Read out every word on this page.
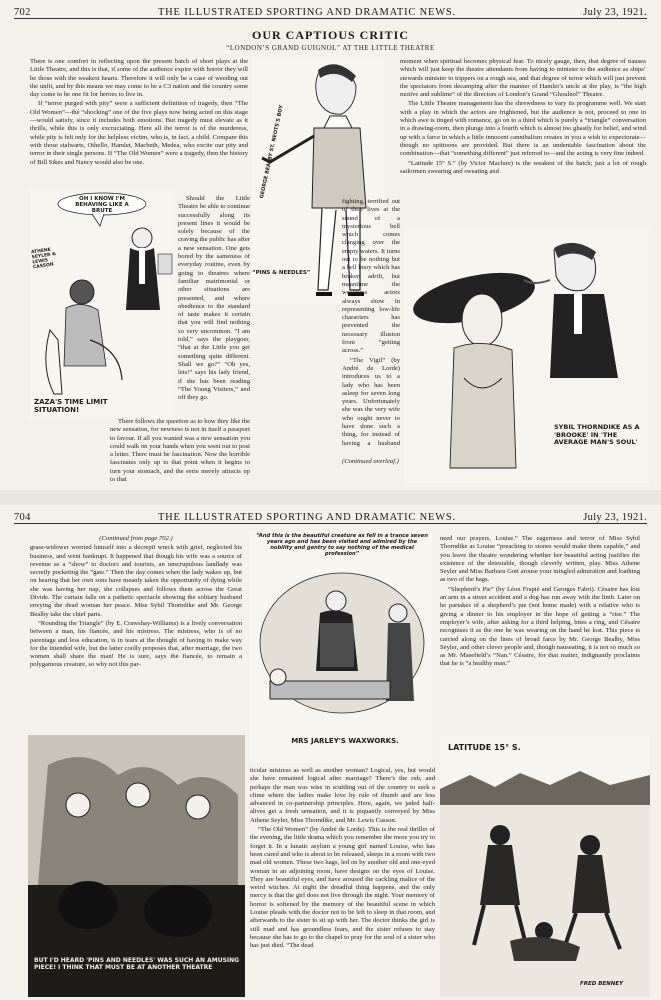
702	THE ILLUSTRATED SPORTING AND DRAMATIC NEWS.	July 23, 1921.
OUR CAPTIOUS CRITIC
“LONDON’S GRAND GUIGNOL” AT THE LITTLE THEATRE

There is one comfort in reflecting upon the present batch of short plays at the Little Theatre, and this is that, if some of the audience expire with horror they will be those with the weakest hearts. Therefore it will only be a case of weeding out the unfit, and by this means we may come to be a C3 nation and the country some day come to be one fit for heroes to live in.

If “terror purged with pity” were a sufficient definition of tragedy, then “The Old Women”—the “shocking” one of the five plays now being acted on this stage—would satisfy, since it includes both emotions. But tragedy must elevate as it thrills, while this is only excruciating. Here all the terror is of the murderess, while pity is felt only for the helpless victim, who is, in fact, a child. Compare this with those stalwarts, Othello, Hamlet, Macbeth, Medea, who excite our pity and terror in their single persons. If “The Old Women” were a tragedy, then the history of Bill Sikes and Nancy would also be one.

OH I KNOW I'M BEHAVING LIKE A BRUTE
ATHENE SEYLER & LEWIS CASSON
ZAZA'S TIME LIMIT SITUATION!

Should the Little Theatre be able to continue successfully along its present lines it would be solely because of the craving the public has after a new sensation. One gets bored by the sameness of everyday routine, even by going to theatres where familiar matrimonial or other situations are presented, and where obedience to the standard of taste makes it certain that you will find nothing so very uncommon. “I am told,” says the playgoer, “that at the Little you get something quite different. Shall we go?” “Oh yes, lets!” says his lady friend, if she has been reading “The Young Visiters,” and off they go.

There follows the question as to how they like the new sensation, for newness is not in itself a passport to favour. If all you wanted was a new sensation you could walk on your hands when you went out to post a letter. There must be fascination. Now the horrible fascinates only up to that point when it begins to turn your stomach, and the eerie merely attracts up to that

GEORGE BEALBY ST. NEOTS'S BOY
“PINS & NEEDLES”

fighting, terrified out of their lives at the sound of a mysterious bell which comes clanging over the empty waters. It turns out to be nothing but a bell buoy which has broken adrift, but meantime the weakness actors always show in representing low-life characters has prevented the necessary illusion from “getting across.”

“The Vigil” (by André de Lorde) introduces us to a lady who has been asleep for seven long years. Unfortunately she was the very wife who ought never to have done such a thing, for instead of having a husband

(Continued overleaf.)

moment when spiritual becomes physical fear. To nicely gauge, then, that degree of nausea which will just keep the theatre attendants from having to minister to the audience as ships’ stewards minister to trippers on a rough sea, and that degree of terror which will just prevent the spectators from decamping after the manner of Hamlet’s uncle at the play, is “the high motive and sublime” of the directors of London’s Grand “Ghoulnol” Theatre.

The Little Theatre management has the shrewdness to vary its programme well. We start with a play in which the actors are frightened, but the audience is not, proceed to one in which awe is tinged with romance, go on to a third which is purely a “triangle” conversation in a drawing-room, then plunge into a fourth which is almost too ghastly for belief, and wind up with a farce in which a little innocent cannibalism creates in you a wish to expectorate—though no spittoons are provided. But there is an undeniable fascination about the combination—that “something different” just referred to—and the acting is very fine indeed.

“Latitude 15° S.” (by Victor Maclure) is the weakest of the batch; just a lot of rough sailormen swearing and sweating and

SYBIL THORNDIKE AS A 'BROOKE' IN 'THE AVERAGE MAN'S SOUL'
704	THE ILLUSTRATED SPORTING AND DRAMATIC NEWS.	July 23, 1921.

(Continued from page 702.)

grass-widower worried himself into a decrepit wreck with grief, neglected his business, and went bankrupt. It happened that though his wife was a source of revenue as a “show” to doctors and tourists, an unscrupulous landlady was secretly pocketing the “gate.” Then the day comes when the lady wakes up, but on hearing that her own sons have meanly taken the opportunity of dying while she was having her nap, she collapses and follows them across the Great Divide. The curtain falls on a pathetic spectacle showing the solitary husband envying the dead woman her peace. Miss Sybil Thorndike and Mr. George Bealby take the chief parts.

“Rounding the Triangle” (by E. Crawshay-Williams) is a lively conversation between a man, his fiancée, and his mistress. The mistress, who is of no parentage and less education, is in tears at the thought of having to make way for the intended wife, but the latter coolly proposes that, after marriage, the two women shall share the man! He is sure, says the fiancée, to remain a polygamous creature, so why not this par-

BUT I'D HEARD 'PINS AND NEEDLES' WAS SUCH AN AMUSING PIECE! I THINK THAT MUST BE AT ANOTHER THEATRE
“And this is the beautiful creature as fell in a trance seven years ago and has been visited and admired by the nobility and gentry to say nothing of the medical profession”
MRS JARLEY'S WAXWORKS.

ticular mistress as well as another woman? Logical, yes, but would she have remained logical after marriage? There’s the rub, and perhaps the man was wise in scuttling out of the country to seek a clime where the ladies make love by rule of thumb and are less advanced in co-partnership principles. Here, again, we jaded half-alives get a fresh sensation, and it is piquantly conveyed by Miss Athene Seyler, Miss Thorndike, and Mr. Lewis Casson.

“The Old Women” (by André de Lorde). This is the real thriller of the evening, the little drama which you remember the more you try to forget it. In a lunatic asylum a young girl named Louise, who has been cured and who is about to be released, sleeps in a room with two mad old women. These two hags, led on by another old and one-eyed woman in an adjoining room, have designs on the eyes of Louise. They are beautiful eyes, and have aroused the cackling malice of the weird witches. At night the dreadful thing happens, and the only mercy is that the girl does not live through the night. Your memory of horror is softened by the memory of the beautiful scene in which Louise pleads with the doctor not to be left to sleep in that room, and afterwards to the sister to sit up with her. The doctor thinks the girl is still mad and has groundless fears, and the sister refuses to stay because she has to go to the chapel to pray for the soul of a sister who has just died. “The dead

need our prayers, Louise.” The eagerness and terror of Miss Sybil Thorndike as Louise “preaching to stones would make them capable,” and you leave the theatre wondering whether her beautiful acting justifies the existence of the detestable, though cleverly written, play. Miss Athene Seyler and Miss Barbara Gott arouse your mingled admiration and loathing as two of the hags.

“Shepherd’s Pie” (by Léon Frapié and Georges Fabri). Césaire has lost an arm in a street accident and a dog has run away with the limb. Later on he partakes of a shepherd’s pie (not home made) with a relative who is giving a dinner to his employer in the hope of getting a “rise.” The employer’s wife, after asking for a third helping, bites a ring, and Césaire recognises it as the one he was wearing on the hand he lost. This piece is carried along on the lines of broad farce by Mr. George Bealby, Miss Seyler, and other clever people and, though nauseating, it is not so much so as Mr. Masefield’s “Nan.” Césaire, for that matter, indignantly proclaims that he is “a healthy man.”

LATITUDE 15° S.
FRED BENNEY
